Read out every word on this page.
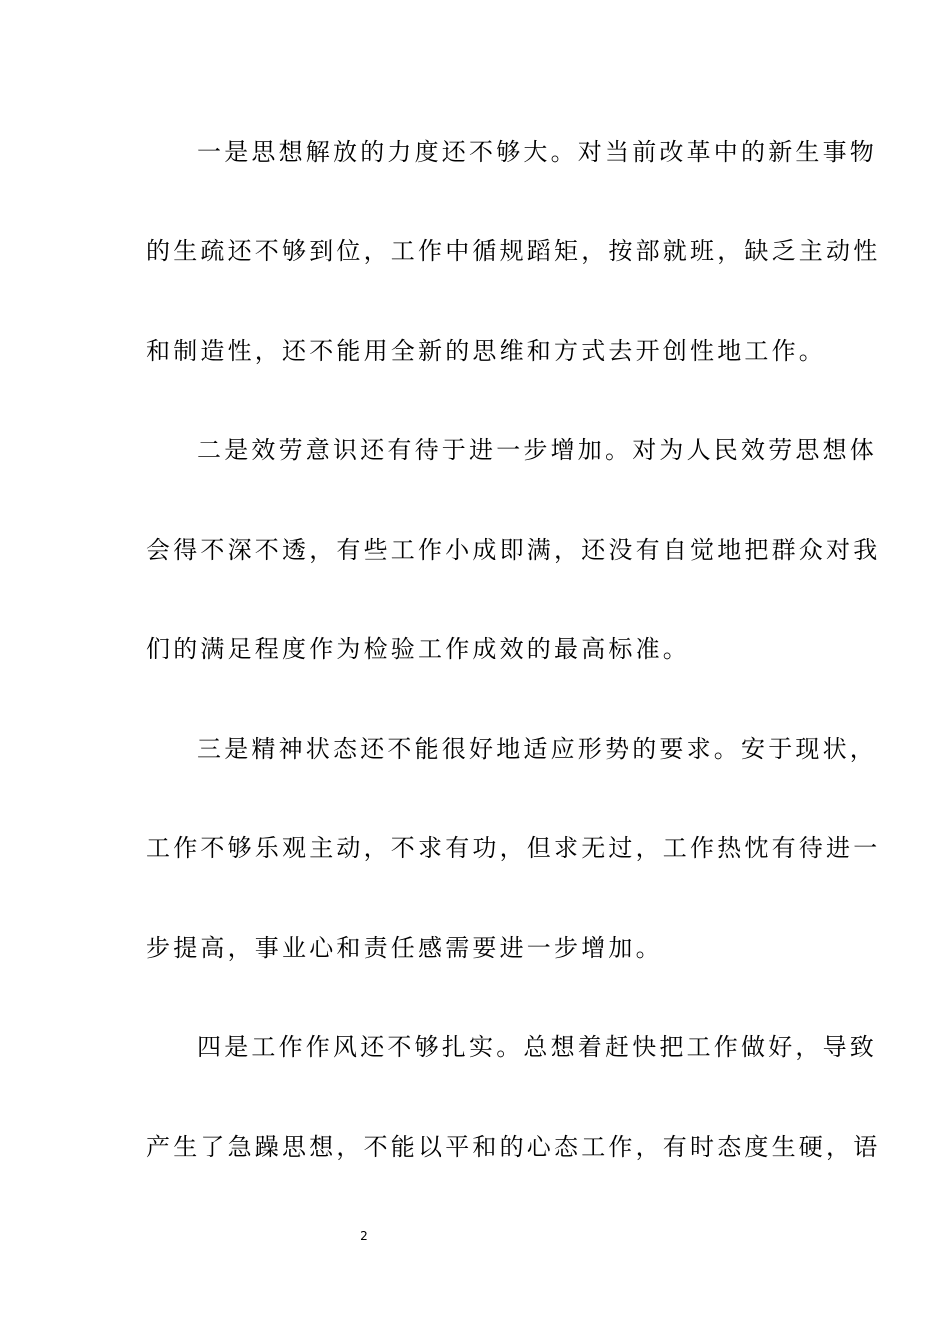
一是思想解放的力度还不够大。对当前改革中的新生事物
的生疏还不够到位，工作中循规蹈矩，按部就班，缺乏主动性
和制造性，还不能用全新的思维和方式去开创性地工作。
二是效劳意识还有待于进一步增加。对为人民效劳思想体
会得不深不透，有些工作小成即满，还没有自觉地把群众对我
们的满足程度作为检验工作成效的最高标准。
三是精神状态还不能很好地适应形势的要求。安于现状，
工作不够乐观主动，不求有功，但求无过，工作热忱有待进一
步提高，事业心和责任感需要进一步增加。
四是工作作风还不够扎实。总想着赶快把工作做好，导致
产生了急躁思想，不能以平和的心态工作，有时态度生硬，语
2
